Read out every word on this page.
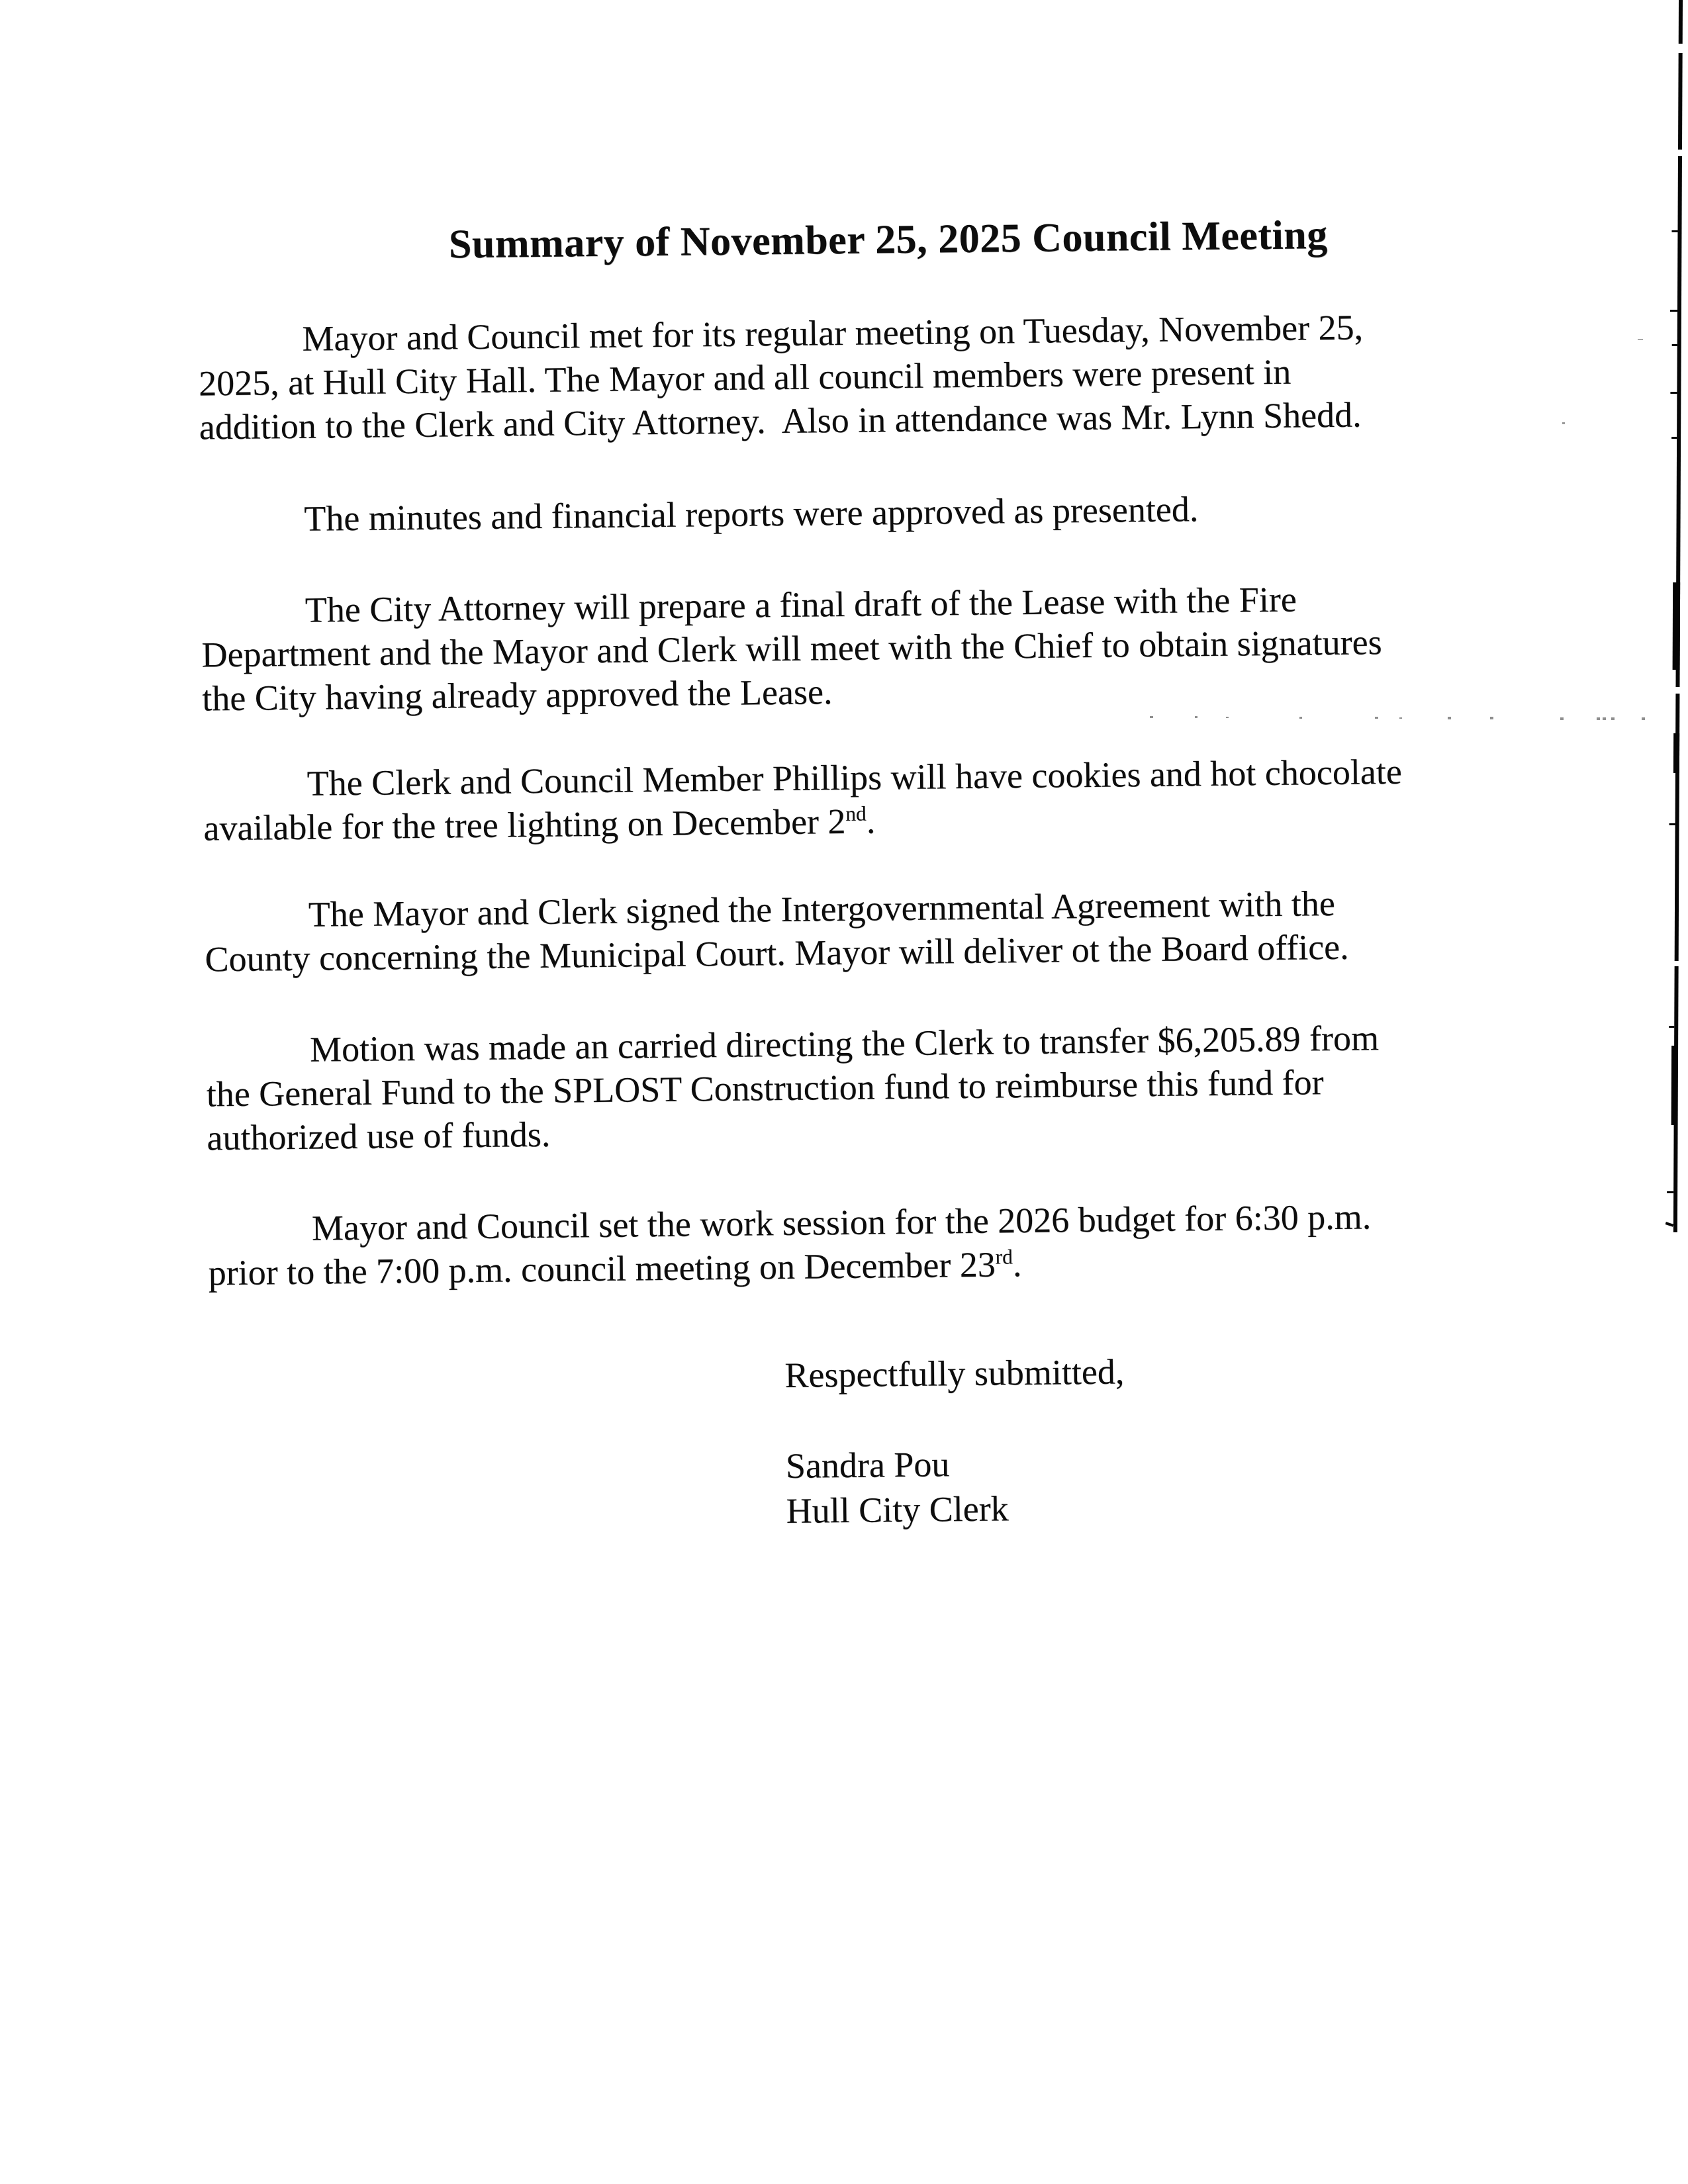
Summary of November 25, 2025 Council Meeting
Mayor and Council met for its regular meeting on Tuesday, November 25,
2025, at Hull City Hall. The Mayor and all council members were present in
addition to the Clerk and City Attorney.  Also in attendance was Mr. Lynn Shedd.
The minutes and financial reports were approved as presented.
The City Attorney will prepare a final draft of the Lease with the Fire
Department and the Mayor and Clerk will meet with the Chief to obtain signatures
the City having already approved the Lease.
The Clerk and Council Member Phillips will have cookies and hot chocolate
available for the tree lighting on December 2nd.
The Mayor and Clerk signed the Intergovernmental Agreement with the
County concerning the Municipal Court. Mayor will deliver ot the Board office.
Motion was made an carried directing the Clerk to transfer $6,205.89 from
the General Fund to the SPLOST Construction fund to reimburse this fund for
authorized use of funds.
Mayor and Council set the work session for the 2026 budget for 6:30 p.m.
prior to the 7:00 p.m. council meeting on December 23rd.
Respectfully submitted,
Sandra Pou
Hull City Clerk
